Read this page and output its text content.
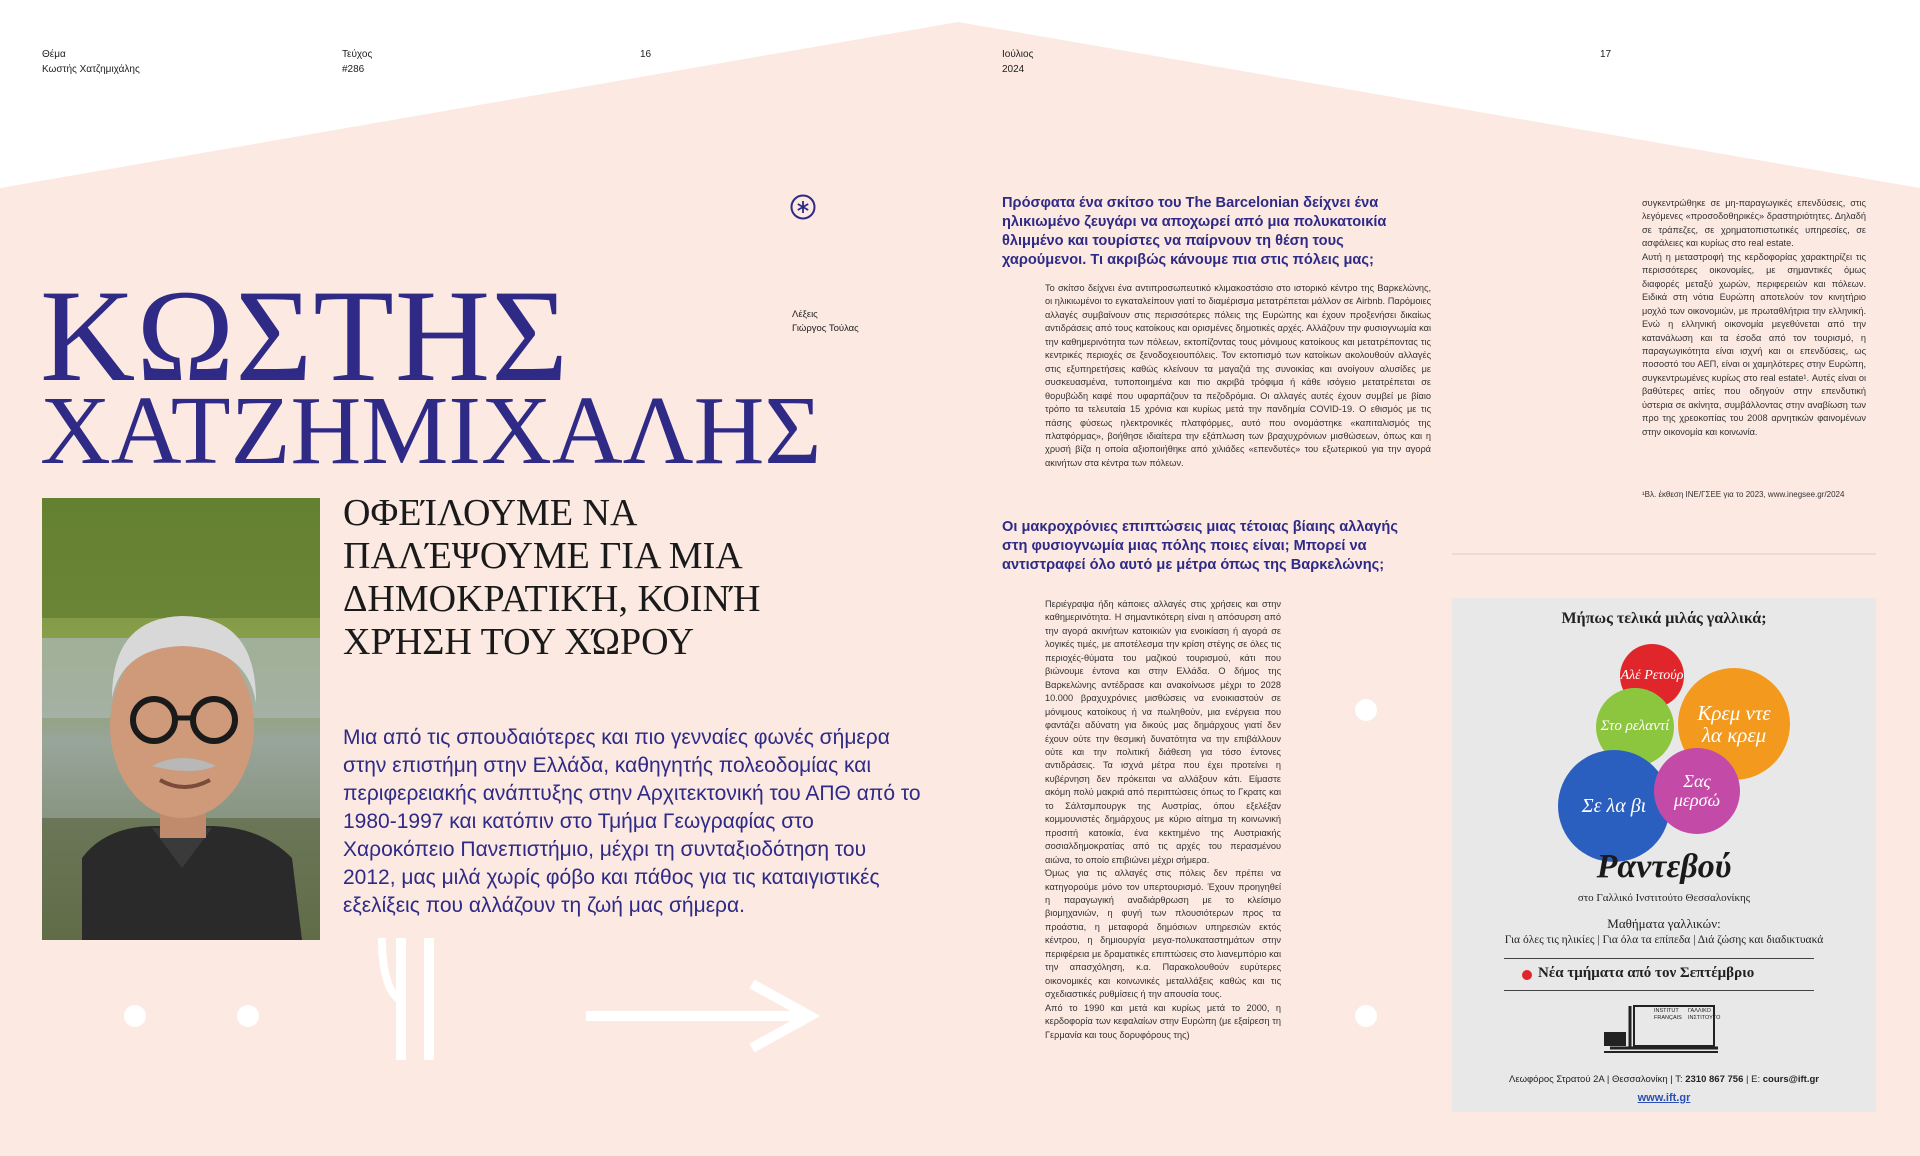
Θέμα
Κωστής Χατζημιχάλης
Τεύχος
#286
16	Ιούλιος
2024
17
Λέξεις
Γιώργος Τούλας
ΚΩΣΤΗΣ
ΧΑΤΖΗΜΙΧΑΛΗΣ
ΟΦΕΊΛΟΥΜΕ ΝΑ ΠΑΛΈΨΟΥΜΕ ΓΙΑ ΜΙΑ ΔΗΜΟΚΡΑΤΙΚΉ, ΚΟΙΝΉ ΧΡΉΣΗ ΤΟΥ ΧΏΡΟΥ
Μια από τις σπουδαιότερες και πιο γενναίες φωνές σήμερα στην επιστήμη στην Ελλάδα, καθηγητής πολεοδομίας και περιφερειακής ανάπτυξης στην Αρχιτεκτονική του ΑΠΘ από το 1980-1997 και κατόπιν στο Τμήμα Γεωγραφίας στο Χαροκόπειο Πανεπιστήμιο, μέχρι τη συνταξιοδότηση του 2012, μας μιλά χωρίς φόβο και πάθος για τις καταιγιστικές εξελίξεις που αλλάζουν τη ζωή μας σήμερα.
Πρόσφατα ένα σκίτσο του The Barcelonian δείχνει ένα ηλικιωμένο ζευγάρι να αποχωρεί από μια πολυκατοικία θλιμμένο και τουρίστες να παίρνουν τη θέση τους χαρούμενοι. Τι ακριβώς κάνουμε πια στις πόλεις μας;
Το σκίτσο δείχνει ένα αντιπροσωπευτικό κλιμακοστάσιο στο ιστορικό κέντρο της Βαρκελώνης, οι ηλικιωμένοι το εγκαταλείπουν γιατί το διαμέρισμα μετατρέπεται μάλλον σε Airbnb. Παρόμοιες αλλαγές συμβαίνουν στις περισσότερες πόλεις της Ευρώπης και έχουν προξενήσει δικαίως αντιδράσεις από τους κατοίκους και ορισμένες δημοτικές αρχές. Αλλάζουν την φυσιογνωμία και την καθημερινότητα των πόλεων, εκτοπίζοντας τους μόνιμους κατοίκους και μετατρέποντας τις κεντρικές περιοχές σε ξενοδοχειουπόλεις. Τον εκτοπισμό των κατοίκων ακολουθούν αλλαγές στις εξυπηρετήσεις καθώς κλείνουν τα μαγαζιά της συνοικίας και ανοίγουν αλυσίδες με συσκευασμένα, τυποποιημένα και πιο ακριβά τρόφιμα ή κάθε ισόγειο μετατρέπεται σε θορυβώδη καφέ που υφαρπάζουν τα πεζοδρόμια. Οι αλλαγές αυτές έχουν συμβεί με βίαιο τρόπο τα τελευταία 15 χρόνια και κυρίως μετά την πανδημία COVID-19. Ο εθισμός με τις πάσης φύσεως ηλεκτρονικές πλατφόρμες, αυτό που ονομάστηκε «καπιταλισμός της πλατφόρμας», βοήθησε ιδιαίτερα την εξάπλωση των βραχυχρόνιων μισθώσεων, όπως και η χρυσή βίζα η οποία αξιοποιήθηκε από χιλιάδες «επενδυτές» του εξωτερικού για την αγορά ακινήτων στα κέντρα των πόλεων.
Οι μακροχρόνιες επιπτώσεις μιας τέτοιας βίαιης αλλαγής στη φυσιογνωμία μιας πόλης ποιες είναι; Μπορεί να αντιστραφεί όλο αυτό με μέτρα όπως της Βαρκελώνης;

Περιέγραψα ήδη κάποιες αλλαγές στις χρήσεις και στην καθημερινότητα. Η σημαντικότερη είναι η απόσυρση από την αγορά ακινήτων κατοικιών για ενοικίαση ή αγορά σε λογικές τιμές, με αποτέλεσμα την κρίση στέγης σε όλες τις περιοχές-θύματα του μαζικού τουρισμού, κάτι που βιώνουμε έντονα και στην Ελλάδα. Ο δήμος της Βαρκελώνης αντέδρασε και ανακοίνωσε μέχρι το 2028 10.000 βραχυχρόνιες μισθώσεις να ενοικιαστούν σε μόνιμους κατοίκους ή να πωληθούν, μια ενέργεια που φαντάζει αδύνατη για δικούς μας δημάρχους γιατί δεν έχουν ούτε την θεσμική δυνατότητα να την επιβάλλουν ούτε και την πολιτική διάθεση για τόσο έντονες αντιδράσεις. Τα ισχνά μέτρα που έχει προτείνει η κυβέρνηση δεν πρόκειται να αλλάξουν κάτι. Είμαστε ακόμη πολύ μακριά από περιπτώσεις όπως το Γκρατς και το Σάλτσμπουργκ της Αυστρίας, όπου εξελέξαν κομμουνιστές δημάρχους με κύριο αίτημα τη κοινωνική προσιτή κατοικία, ένα κεκτημένο της Αυστριακής σοσιαλδημοκρατίας από τις αρχές του περασμένου αιώνα, το οποίο επιβιώνει μέχρι σήμερα.

Όμως για τις αλλαγές στις πόλεις δεν πρέπει να κατηγορούμε μόνο τον υπερτουρισμό. Έχουν προηγηθεί η παραγωγική αναδιάρθρωση με το κλείσιμο βιομηχανιών, η φυγή των πλουσιότερων προς τα προάστια, η μεταφορά δημόσιων υπηρεσιών εκτός κέντρου, η δημιουργία μεγα-πολυκαταστημάτων στην περιφέρεια με δραματικές επιπτώσεις στο λιανεμπόριο και την απασχόληση, κ.α. Παρακολουθούν ευρύτερες οικονομικές και κοινωνικές μεταλλάξεις καθώς και τις σχεδιαστικές ρυθμίσεις ή την απουσία τους.

Από το 1990 και μετά και κυρίως μετά το 2000, η κερδοφορία των κεφαλαίων στην Ευρώπη (με εξαίρεση τη Γερμανία και τους δορυφόρους της)

συγκεντρώθηκε σε μη-παραγωγικές επενδύσεις, στις λεγόμενες «προσοδοθηρικές» δραστηριότητες. Δηλαδή σε τράπεζες, σε χρηματοπιστωτικές υπηρεσίες, σε ασφάλειες και κυρίως στο real estate.

Αυτή η μεταστροφή της κερδοφορίας χαρακτηρίζει τις περισσότερες οικονομίες, με σημαντικές όμως διαφορές μεταξύ χωρών, περιφερειών και πόλεων. Ειδικά στη νότια Ευρώπη αποτελούν τον κινητήριο μοχλό των οικονομιών, με πρωταθλήτρια την ελληνική. Ενώ η ελληνική οικονομία μεγεθύνεται από την κατανάλωση και τα έσοδα από τον τουρισμό, η παραγωγικότητα είναι ισχνή και οι επενδύσεις, ως ποσοστό του ΑΕΠ, είναι οι χαμηλότερες στην Ευρώπη, συγκεντρωμένες κυρίως στο real estate¹. Αυτές είναι οι βαθύτερες αιτίες που οδηγούν στην επενδυτική ύστερια σε ακίνητα, συμβάλλοντας στην αναβίωση των προ της χρεοκοπίας του 2008 αρνητικών φαινομένων στην οικονομία και κοινωνία.

¹Βλ. έκθεση ΙΝΕ/ΓΣΕΕ για το 2023, www.inegsee.gr/2024
Μήπως τελικά μιλάς γαλλικά;
Αλέ Ρετούρ
Κρεμ ντε λα κρεμ
Στο ρελαντί
Σε λα βι
Σας μερσώ
Ραντεβού
στο Γαλλικό Ινστιτούτο Θεσσαλονίκης
Μαθήματα γαλλικών:
Για όλες τις ηλικίες | Για όλα τα επίπεδα | Διά ζώσης και διαδικτυακά
Νέα τμήματα από τον Σεπτέμβριο
INSTITUT
FRANÇAIS
ΓΑΛΛΙΚΟ
ΙΝΣΤΙΤΟΥΤΟ
Λεωφόρος Στρατού 2Α | Θεσσαλονίκη | Τ: 2310 867 756 | E: cours@ift.gr
www.ift.gr
